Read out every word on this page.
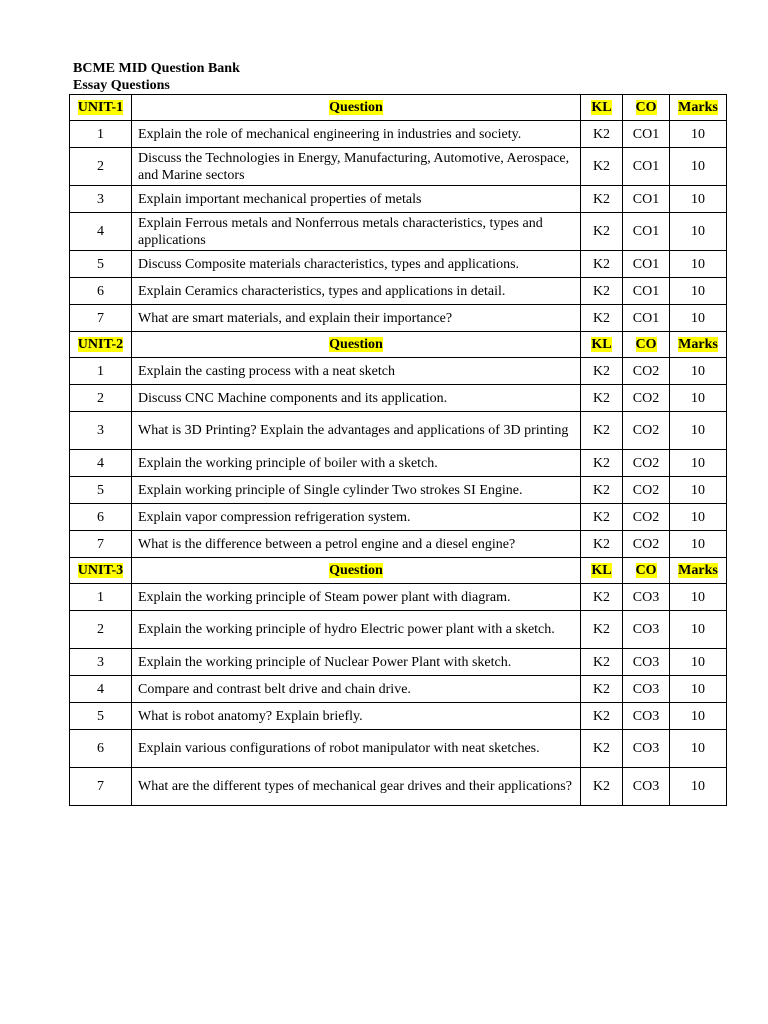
BCME MID Question Bank
Essay Questions
UNIT-1	Question	KL	CO	Marks
1	Explain the role of mechanical engineering in industries and society.	K2	CO1	10
2	Discuss the Technologies in Energy, Manufacturing, Automotive, Aerospace, and Marine sectors	K2	CO1	10
3	Explain important mechanical properties of metals	K2	CO1	10
4	Explain Ferrous metals and Nonferrous metals characteristics, types and applications	K2	CO1	10
5	Discuss Composite materials characteristics, types and applications.	K2	CO1	10
6	Explain Ceramics characteristics, types and applications in detail.	K2	CO1	10
7	What are smart materials, and explain their importance?	K2	CO1	10
UNIT-2	Question	KL	CO	Marks
1	Explain the casting process with a neat sketch	K2	CO2	10
2	Discuss CNC Machine components and its application.	K2	CO2	10
3	What is 3D Printing? Explain the advantages and applications of 3D printing	K2	CO2	10
4	Explain the working principle of boiler with a sketch.	K2	CO2	10
5	Explain working principle of Single cylinder Two strokes SI Engine.	K2	CO2	10
6	Explain vapor compression refrigeration system.	K2	CO2	10
7	What is the difference between a petrol engine and a diesel engine?	K2	CO2	10
UNIT-3	Question	KL	CO	Marks
1	Explain the working principle of Steam power plant with diagram.	K2	CO3	10
2	Explain the working principle of hydro Electric power plant with a sketch.	K2	CO3	10
3	Explain the working principle of Nuclear Power Plant with sketch.	K2	CO3	10
4	Compare and contrast belt drive and chain drive.	K2	CO3	10
5	What is robot anatomy? Explain briefly.	K2	CO3	10
6	Explain various configurations of robot manipulator with neat sketches.	K2	CO3	10
7	What are the different types of mechanical gear drives and their applications?	K2	CO3	10
